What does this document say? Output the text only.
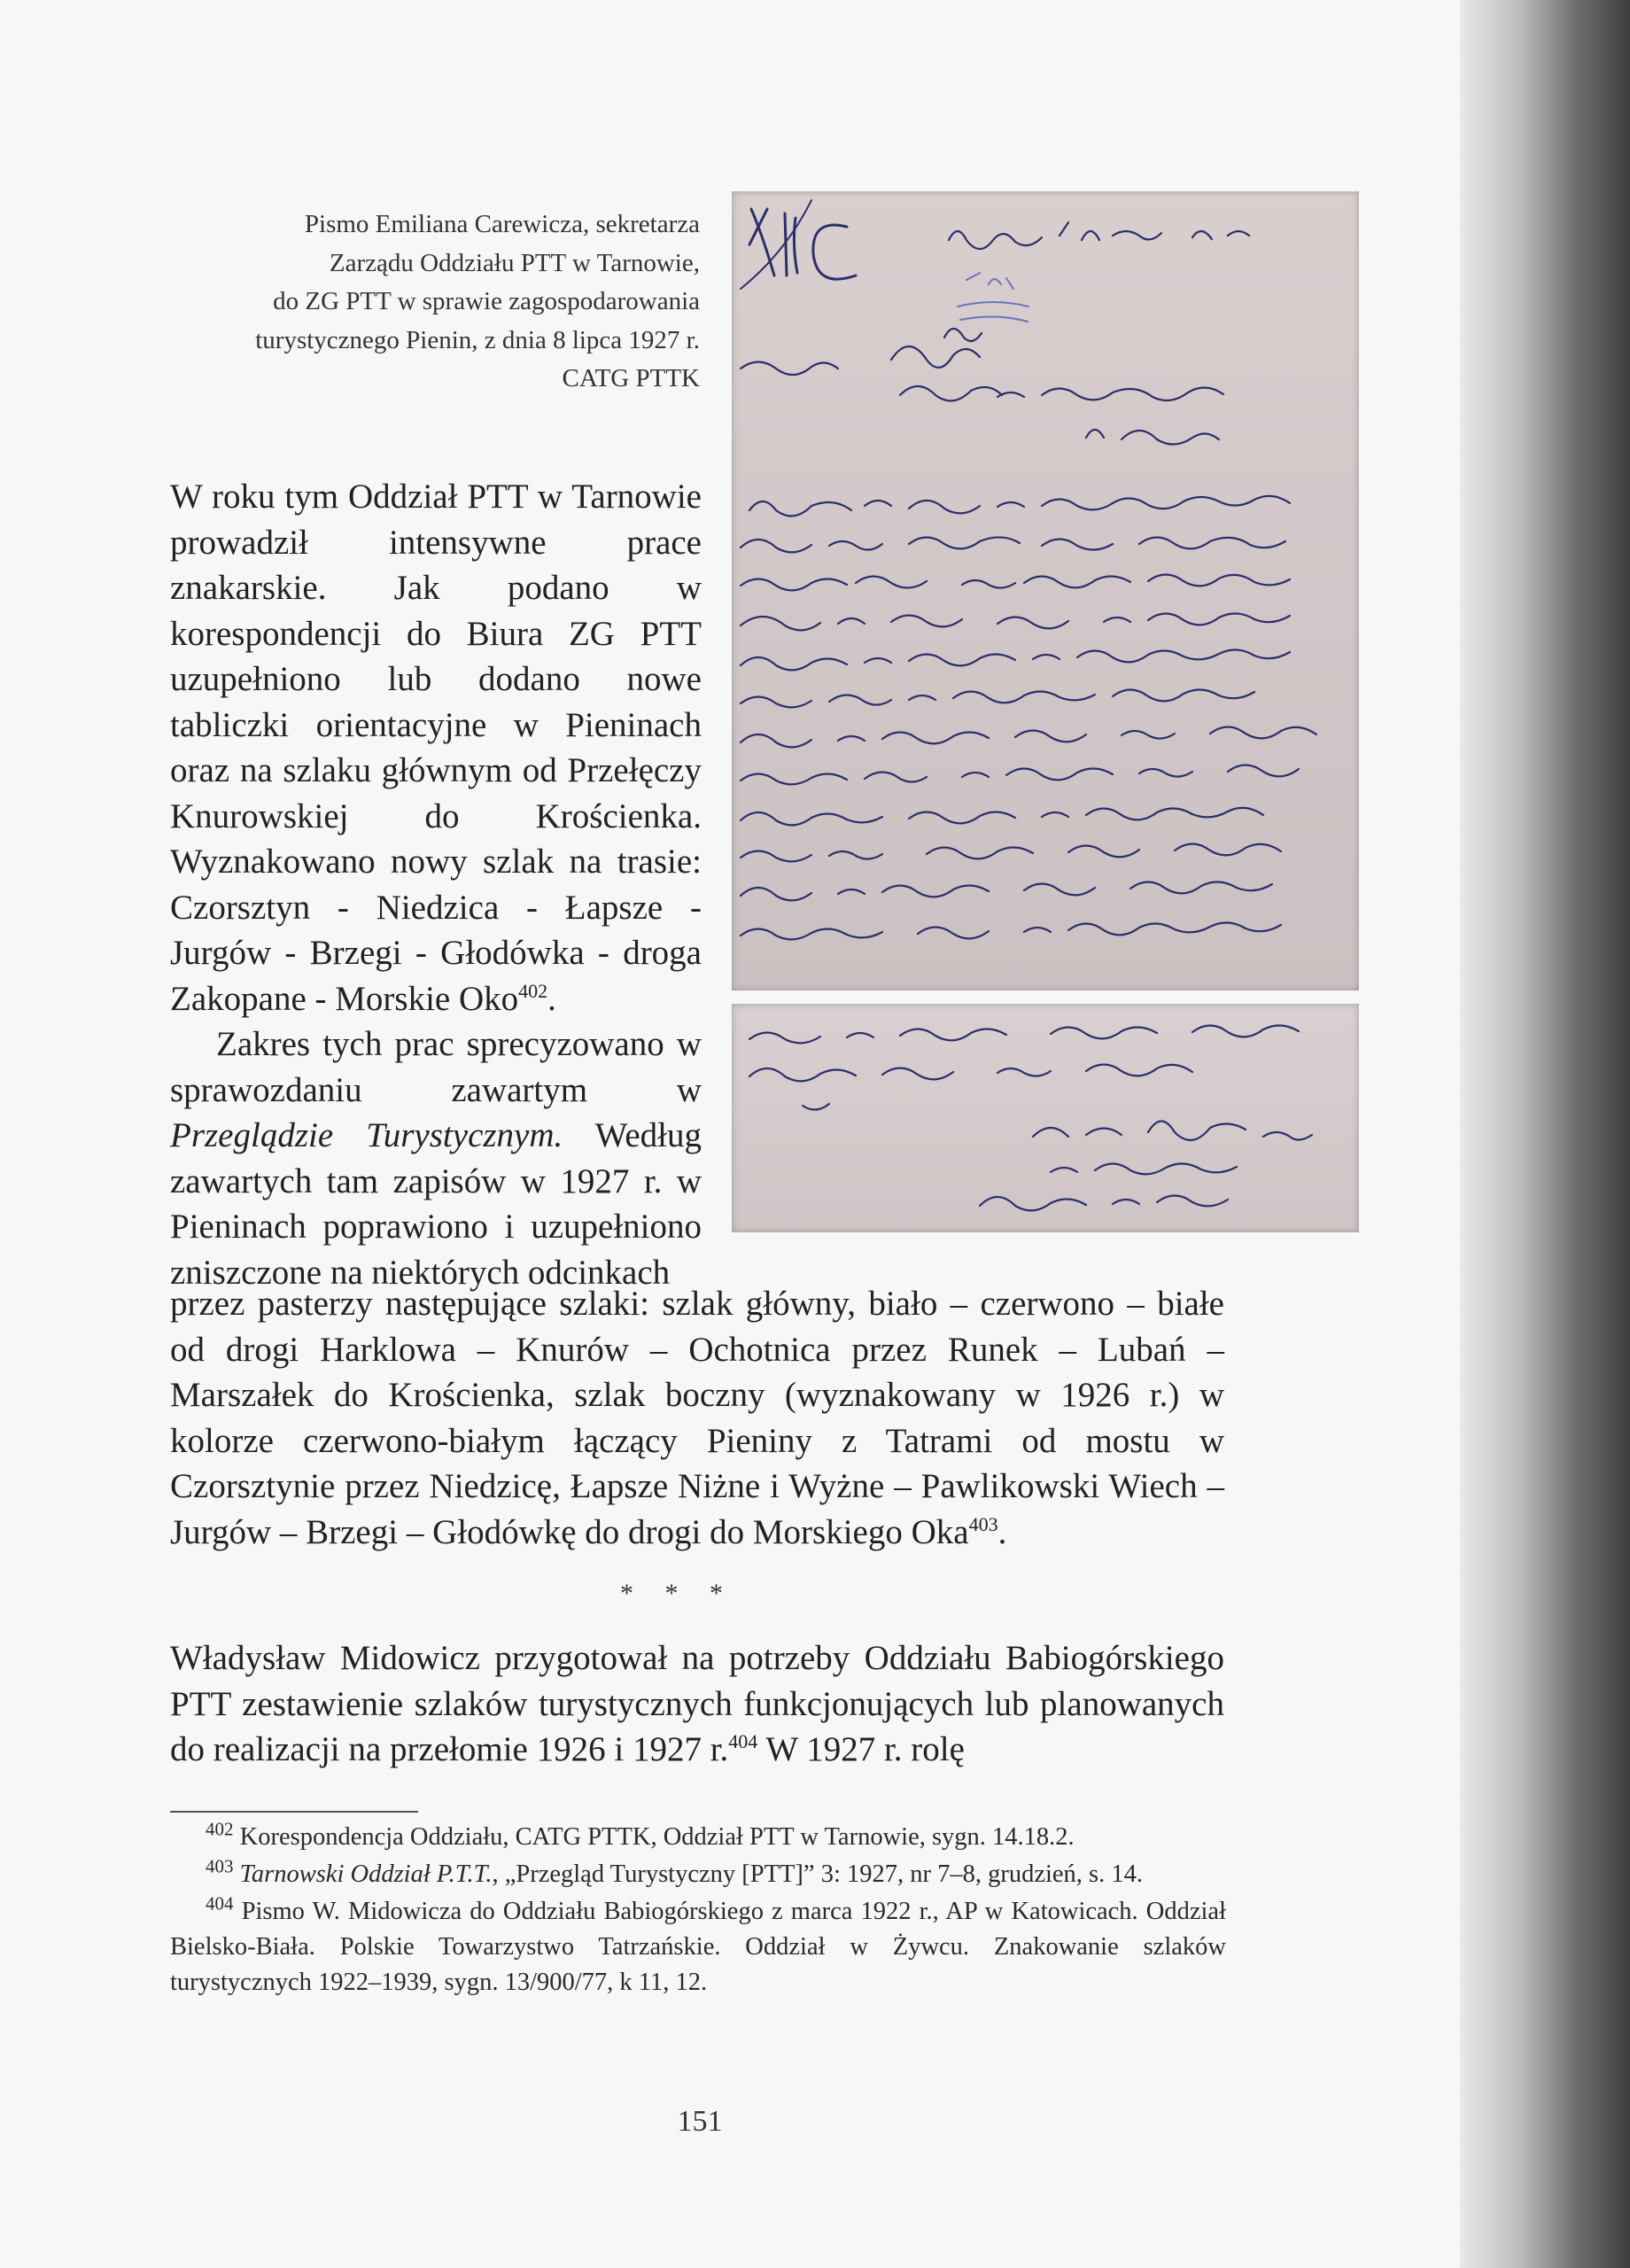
Pismo Emiliana Carewicza, sekretarza
Zarządu Oddziału PTT w Tarnowie,
do ZG PTT w sprawie zagospodarowania
turystycznego Pienin, z dnia 8 lipca 1927 r.
CATG PTTK

W roku tym Oddział PTT w Tarnowie prowadził intensywne prace znakarskie. Jak podano w korespondencji do Biura ZG PTT uzupełniono lub dodano nowe tabliczki orientacyjne w Pieninach oraz na szlaku głównym od Przełęczy Knurowskiej do Krościenka. Wyznakowano nowy szlak na trasie: Czorsztyn - Niedzica - Łapsze - Jurgów - Brzegi - Głodówka - droga Zakopane - Morskie Oko$^{402}$.

Zakres tych prac sprecyzowano w sprawozdaniu zawartym w Przeglądzie Turystycznym. Według zawartych tam zapisów w 1927 r. w Pieninach poprawiono i uzupełniono zniszczone na niektórych odcinkach

przez pasterzy następujące szlaki: szlak główny, biało – czerwono – białe od drogi Harklowa – Knurów – Ochotnica przez Runek – Lubań – Marszałek do Krościenka, szlak boczny (wyznakowany w 1926 r.) w kolorze czerwono-białym łączący Pieniny z Tatrami od mostu w Czorsztynie przez Niedzicę, Łapsze Niżne i Wyżne – Pawlikowski Wiech – Jurgów – Brzegi – Głodówkę do drogi do Morskiego Oka$^{403}$.

* * *

Władysław Midowicz przygotował na potrzeby Oddziału Babiogórskiego PTT zestawienie szlaków turystycznych funkcjonujących lub planowanych do realizacji na przełomie 1926 i 1927 r.$^{404}$ W 1927 r. rolę

$^{402}$ Korespondencja Oddziału, CATG PTTK, Oddział PTT w Tarnowie, sygn. 14.18.2.

$^{403}$ Tarnowski Oddział P.T.T., „Przegląd Turystyczny [PTT]” 3: 1927, nr 7–8, grudzień, s. 14.

$^{404}$ Pismo W. Midowicza do Oddziału Babiogórskiego z marca 1922 r., AP w Katowicach. Oddział Bielsko-Biała. Polskie Towarzystwo Tatrzańskie. Oddział w Żywcu. Znakowanie szlaków turystycznych 1922–1939, sygn. 13/900/77, k 11, 12.

151
